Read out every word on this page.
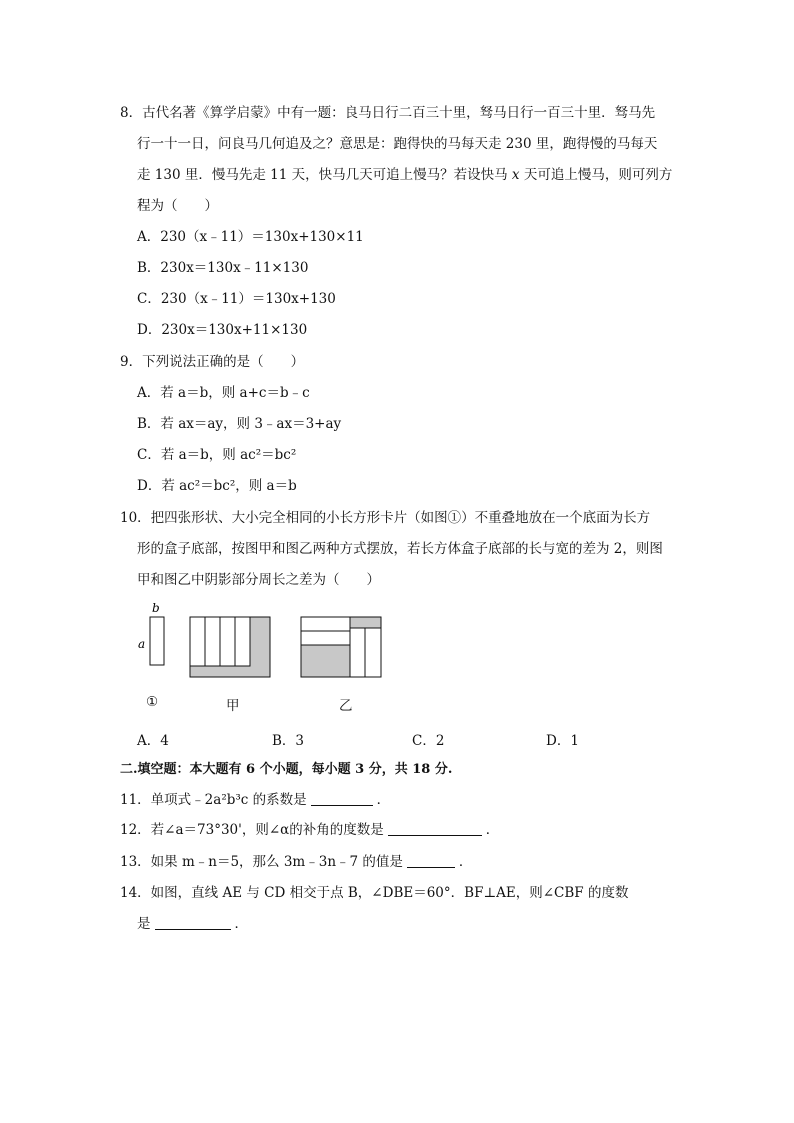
8．古代名著《算学启蒙》中有一题：良马日行二百三十里，驽马日行一百三十里．驽马先
行一十一日，问良马几何追及之？意思是：跑得快的马每天走 230 里，跑得慢的马每天
走 130 里．慢马先走 11 天，快马几天可追上慢马？若设快马 x 天可追上慢马，则可列方
程为（　　）
A．230（x﹣11）＝130x+130×11
B．230x＝130x﹣11×130
C．230（x﹣11）＝130x+130
D．230x＝130x+11×130
9．下列说法正确的是（　　）
A．若 a＝b，则 a+c＝b﹣c
B．若 ax＝ay，则 3﹣ax＝3+ay
C．若 a＝b，则 ac²＝bc²
D．若 ac²＝bc²，则 a＝b
10．把四张形状、大小完全相同的小长方形卡片（如图①）不重叠地放在一个底面为长方
形的盒子底部，按图甲和图乙两种方式摆放，若长方体盒子底部的长与宽的差为 2，则图
甲和图乙中阴影部分周长之差为（　　）
b
a
①	甲	乙
A．4	B．3	C．2	D．1
二.填空题：本大题有 6 个小题，每小题 3 分，共 18 分.
11．单项式﹣2a²b³c 的系数是	．
12．若∠a＝73°30'，则∠α的补角的度数是	．
13．如果 m﹣n＝5，那么 3m﹣3n﹣7 的值是	．
14．如图，直线 AE 与 CD 相交于点 B，∠DBE＝60°．BF⊥AE，则∠CBF 的度数
是	．
